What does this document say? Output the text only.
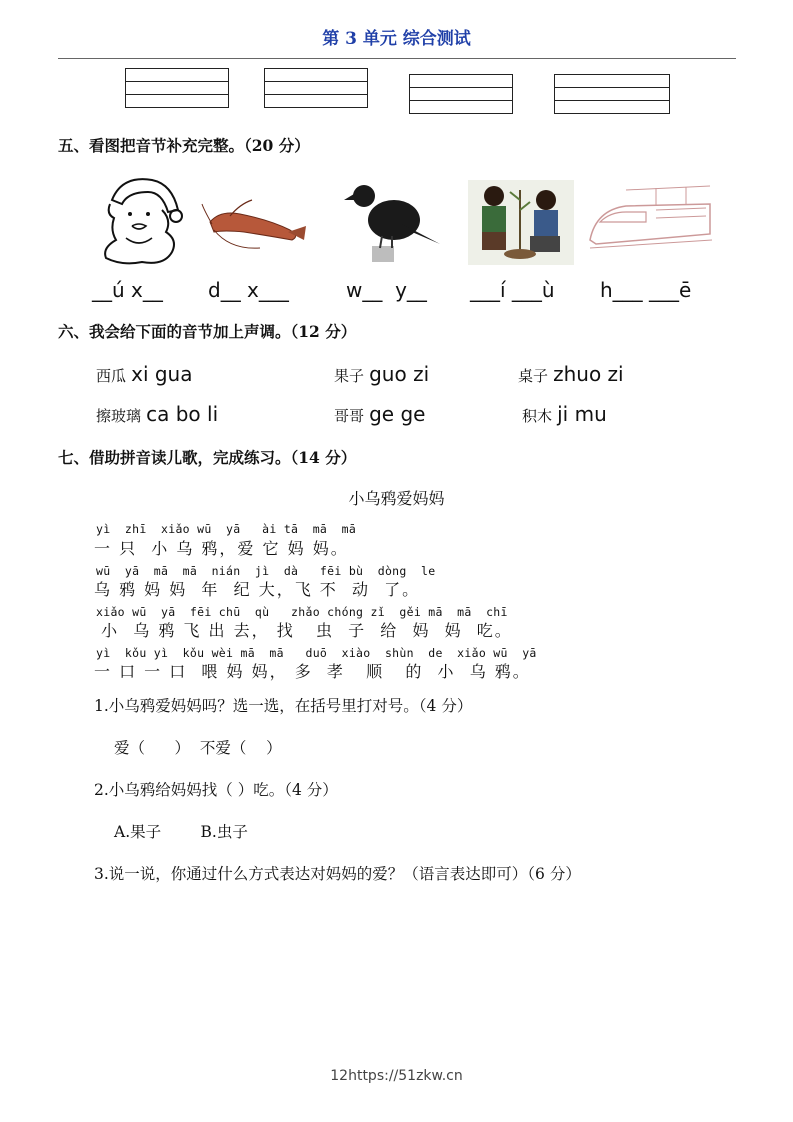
第 3 单元 综合测试
五、看图把音节补充完整。（20 分）
__ú x__ d__ x___	w__  y__ ___í ___ù h___ ___ē
六、我会给下面的音节加上声调。（12 分）
西瓜 xi gua	果子 guo zi	桌子 zhuo zi
擦玻璃 ca bo li	哥哥 ge ge	积木 ji mu
七、借助拼音读儿歌，完成练习。（14 分）
小乌鸦爱妈妈
yì  zhī  xiǎo wū  yā   ài tā  mā  mā
一 只  小 乌 鸦，爱 它 妈 妈。
wū  yā  mā  mā  nián  jì  dà   fēi bù  dòng  le
乌 鸦 妈 妈  年  纪 大，飞 不  动  了。
xiǎo wū  yā  fēi chū  qù   zhǎo chóng zǐ  gěi mā  mā  chī
小  乌 鸦 飞 出 去， 找   虫  子  给  妈  妈  吃。
yì  kǒu yì  kǒu wèi mā  mā   duō  xiào  shùn  de  xiǎo wū  yā
一 口 一 口  喂 妈 妈， 多  孝   顺   的  小  乌 鸦。
1.小乌鸦爱妈妈吗？选一选，在括号里打对号。（4 分）
爱（      ）  不爱（    ）
2.小乌鸦给妈妈找（ ）吃。（4 分）
A.果子        B.虫子
3.说一说，你通过什么方式表达对妈妈的爱？（语言表达即可）（6 分）
12https://51zkw.cn
